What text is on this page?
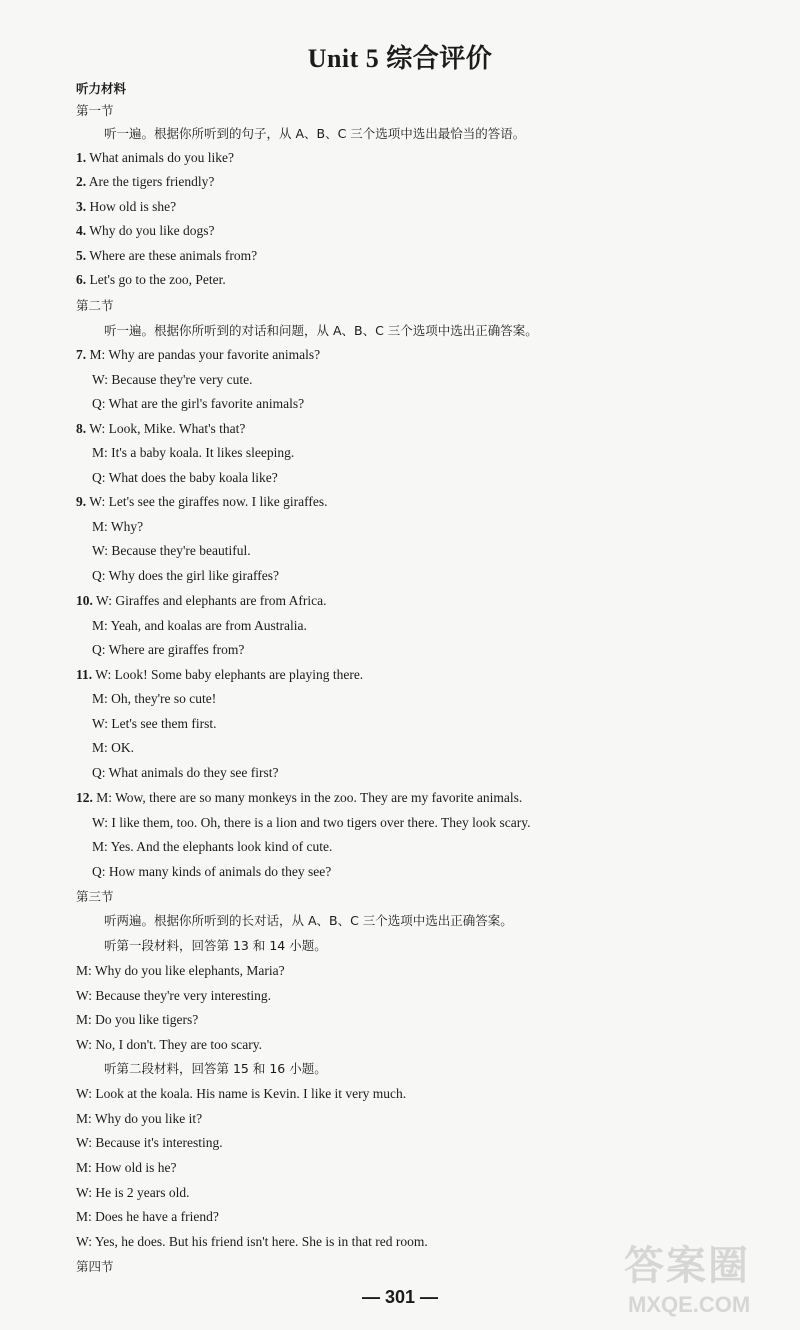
Unit 5 综合评价
听力材料
第一节
听一遍。根据你所听到的句子，从 A、B、C 三个选项中选出最恰当的答语。
1. What animals do you like?
2. Are the tigers friendly?
3. How old is she?
4. Why do you like dogs?
5. Where are these animals from?
6. Let's go to the zoo, Peter.
第二节
听一遍。根据你所听到的对话和问题，从 A、B、C 三个选项中选出正确答案。
7. M: Why are pandas your favorite animals?
W: Because they're very cute.
Q: What are the girl's favorite animals?
8. W: Look, Mike. What's that?
M: It's a baby koala. It likes sleeping.
Q: What does the baby koala like?
9. W: Let's see the giraffes now. I like giraffes.
M: Why?
W: Because they're beautiful.
Q: Why does the girl like giraffes?
10. W: Giraffes and elephants are from Africa.
M: Yeah, and koalas are from Australia.
Q: Where are giraffes from?
11. W: Look! Some baby elephants are playing there.
M: Oh, they're so cute!
W: Let's see them first.
M: OK.
Q: What animals do they see first?
12. M: Wow, there are so many monkeys in the zoo. They are my favorite animals.
W: I like them, too. Oh, there is a lion and two tigers over there. They look scary.
M: Yes. And the elephants look kind of cute.
Q: How many kinds of animals do they see?
第三节
听两遍。根据你所听到的长对话，从 A、B、C 三个选项中选出正确答案。
听第一段材料，回答第 13 和 14 小题。
M: Why do you like elephants, Maria?
W: Because they're very interesting.
M: Do you like tigers?
W: No, I don't. They are too scary.
听第二段材料，回答第 15 和 16 小题。
W: Look at the koala. His name is Kevin. I like it very much.
M: Why do you like it?
W: Because it's interesting.
M: How old is he?
W: He is 2 years old.
M: Does he have a friend?
W: Yes, he does. But his friend isn't here. She is in that red room.
第四节
— 301 —
答案圈
MXQE.COM
